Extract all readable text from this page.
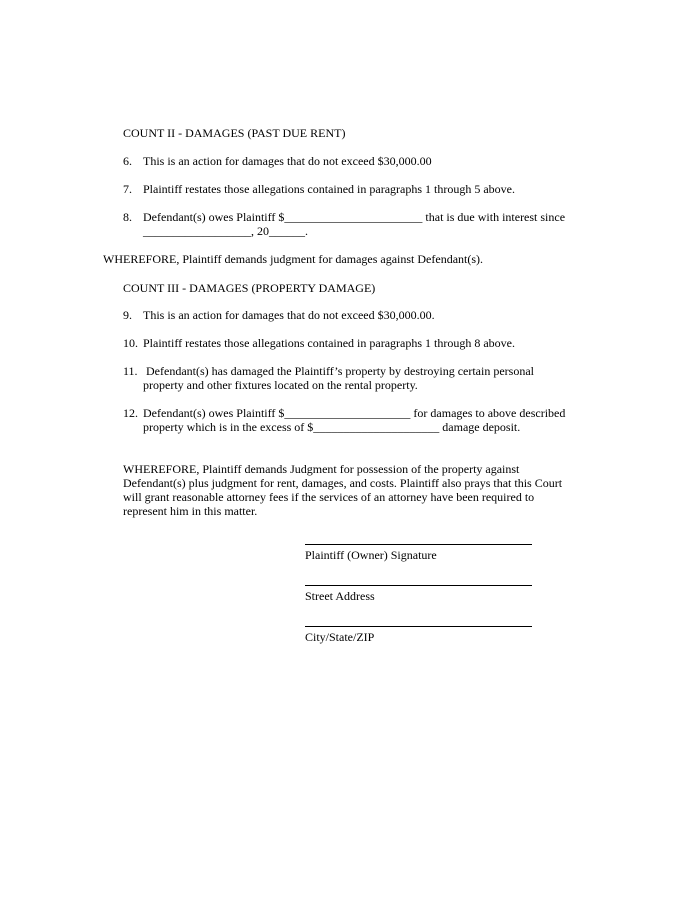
COUNT II - DAMAGES (PAST DUE RENT)
6. This is an action for damages that do not exceed $30,000.00
7. Plaintiff restates those allegations contained in paragraphs 1 through 5 above.
8. Defendant(s) owes Plaintiff $_______________________ that is due with interest since
__________________, 20______.
WHEREFORE, Plaintiff demands judgment for damages against Defendant(s).
COUNT III - DAMAGES (PROPERTY DAMAGE)
9. This is an action for damages that do not exceed $30,000.00.
10. Plaintiff restates those allegations contained in paragraphs 1 through 8 above.
11. Defendant(s) has damaged the Plaintiff’s property by destroying certain personal
property and other fixtures located on the rental property.
12. Defendant(s) owes Plaintiff $_____________________ for damages to above described
property which is in the excess of $_____________________ damage deposit.
WHEREFORE, Plaintiff demands Judgment for possession of the property against
Defendant(s) plus judgment for rent, damages, and costs. Plaintiff also prays that this Court
will grant reasonable attorney fees if the services of an attorney have been required to
represent him in this matter.
Plaintiff (Owner) Signature
Street Address
City/State/ZIP
